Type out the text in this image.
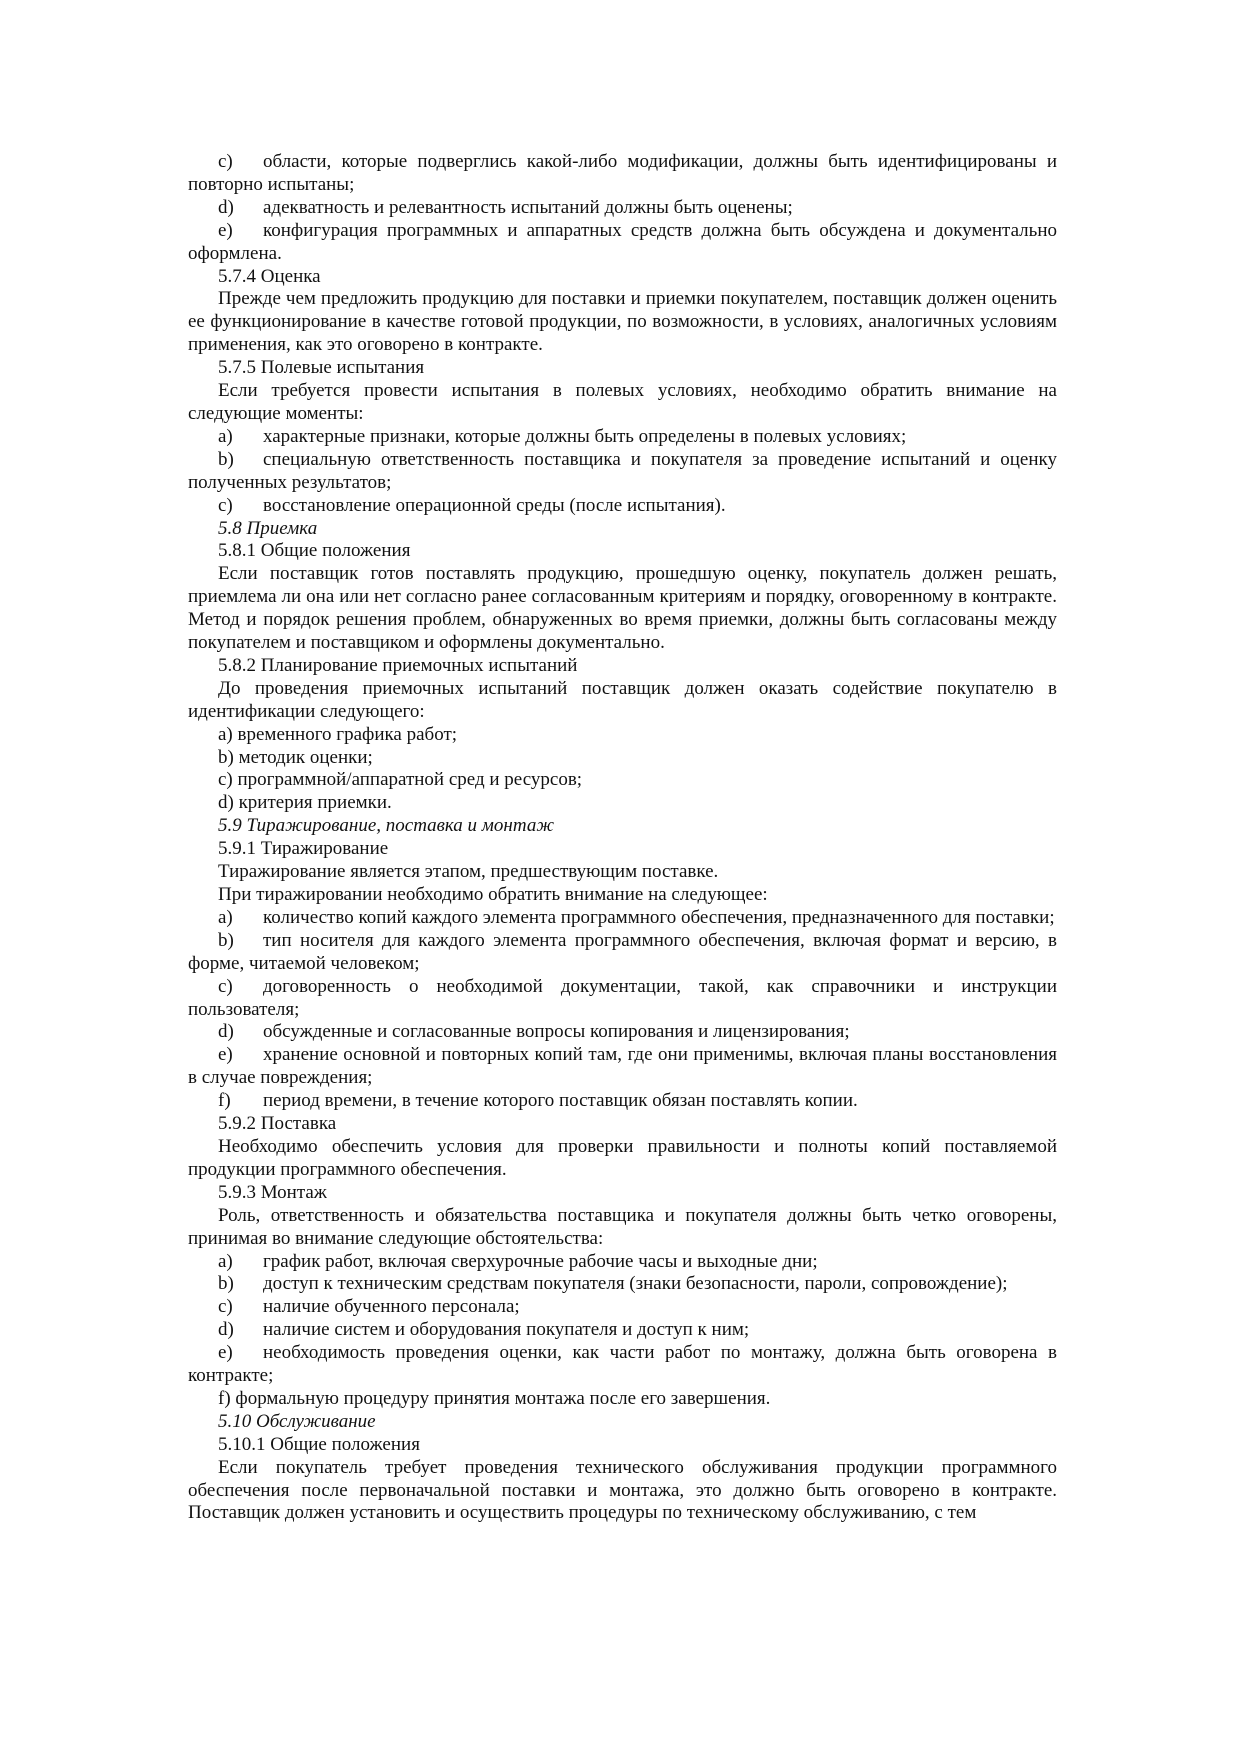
c) области, которые подверглись какой-либо модификации, должны быть идентифицированы и повторно испытаны;
d) адекватность и релевантность испытаний должны быть оценены;
e) конфигурация программных и аппаратных средств должна быть обсуждена и документально оформлена.

5.7.4 Оценка

Прежде чем предложить продукцию для поставки и приемки покупателем, поставщик должен оценить ее функционирование в качестве готовой продукции, по возможности, в условиях, аналогичных условиям применения, как это оговорено в контракте.

5.7.5 Полевые испытания

Если требуется провести испытания в полевых условиях, необходимо обратить внимание на следующие моменты:

a) характерные признаки, которые должны быть определены в полевых условиях;
b) специальную ответственность поставщика и покупателя за проведение испытаний и оценку полученных результатов;
c) восстановление операционной среды (после испытания).

5.8 Приемка

5.8.1 Общие положения

Если поставщик готов поставлять продукцию, прошедшую оценку, покупатель должен решать, приемлема ли она или нет согласно ранее согласованным критериям и порядку, оговоренному в контракте. Метод и порядок решения проблем, обнаруженных во время приемки, должны быть согласованы между покупателем и поставщиком и оформлены документально.

5.8.2 Планирование приемочных испытаний

До проведения приемочных испытаний поставщик должен оказать содействие покупателю в идентификации следующего:

a) временного графика работ;

b) методик оценки;

c) программной/аппаратной сред и ресурсов;

d) критерия приемки.

5.9 Тиражирование, поставка и монтаж

5.9.1 Тиражирование

Тиражирование является этапом, предшествующим поставке.

При тиражировании необходимо обратить внимание на следующее:

a) количество копий каждого элемента программного обеспечения, предназначенного для поставки;
b) тип носителя для каждого элемента программного обеспечения, включая формат и версию, в форме, читаемой человеком;
c) договоренность о необходимой документации, такой, как справочники и инструкции пользователя;
d) обсужденные и согласованные вопросы копирования и лицензирования;
e) хранение основной и повторных копий там, где они применимы, включая планы восстановления в случае повреждения;
f) период времени, в течение которого поставщик обязан поставлять копии.

5.9.2 Поставка

Необходимо обеспечить условия для проверки правильности и полноты копий поставляемой продукции программного обеспечения.

5.9.3 Монтаж

Роль, ответственность и обязательства поставщика и покупателя должны быть четко оговорены, принимая во внимание следующие обстоятельства:

a) график работ, включая сверхурочные рабочие часы и выходные дни;
b) доступ к техническим средствам покупателя (знаки безопасности, пароли, сопровождение);
c) наличие обученного персонала;
d) наличие систем и оборудования покупателя и доступ к ним;
e) необходимость проведения оценки, как части работ по монтажу, должна быть оговорена в контракте;

f) формальную процедуру принятия монтажа после его завершения.

5.10 Обслуживание

5.10.1 Общие положения

Если покупатель требует проведения технического обслуживания продукции программного обеспечения после первоначальной поставки и монтажа, это должно быть оговорено в контракте. Поставщик должен установить и осуществить процедуры по техническому обслуживанию, с тем
